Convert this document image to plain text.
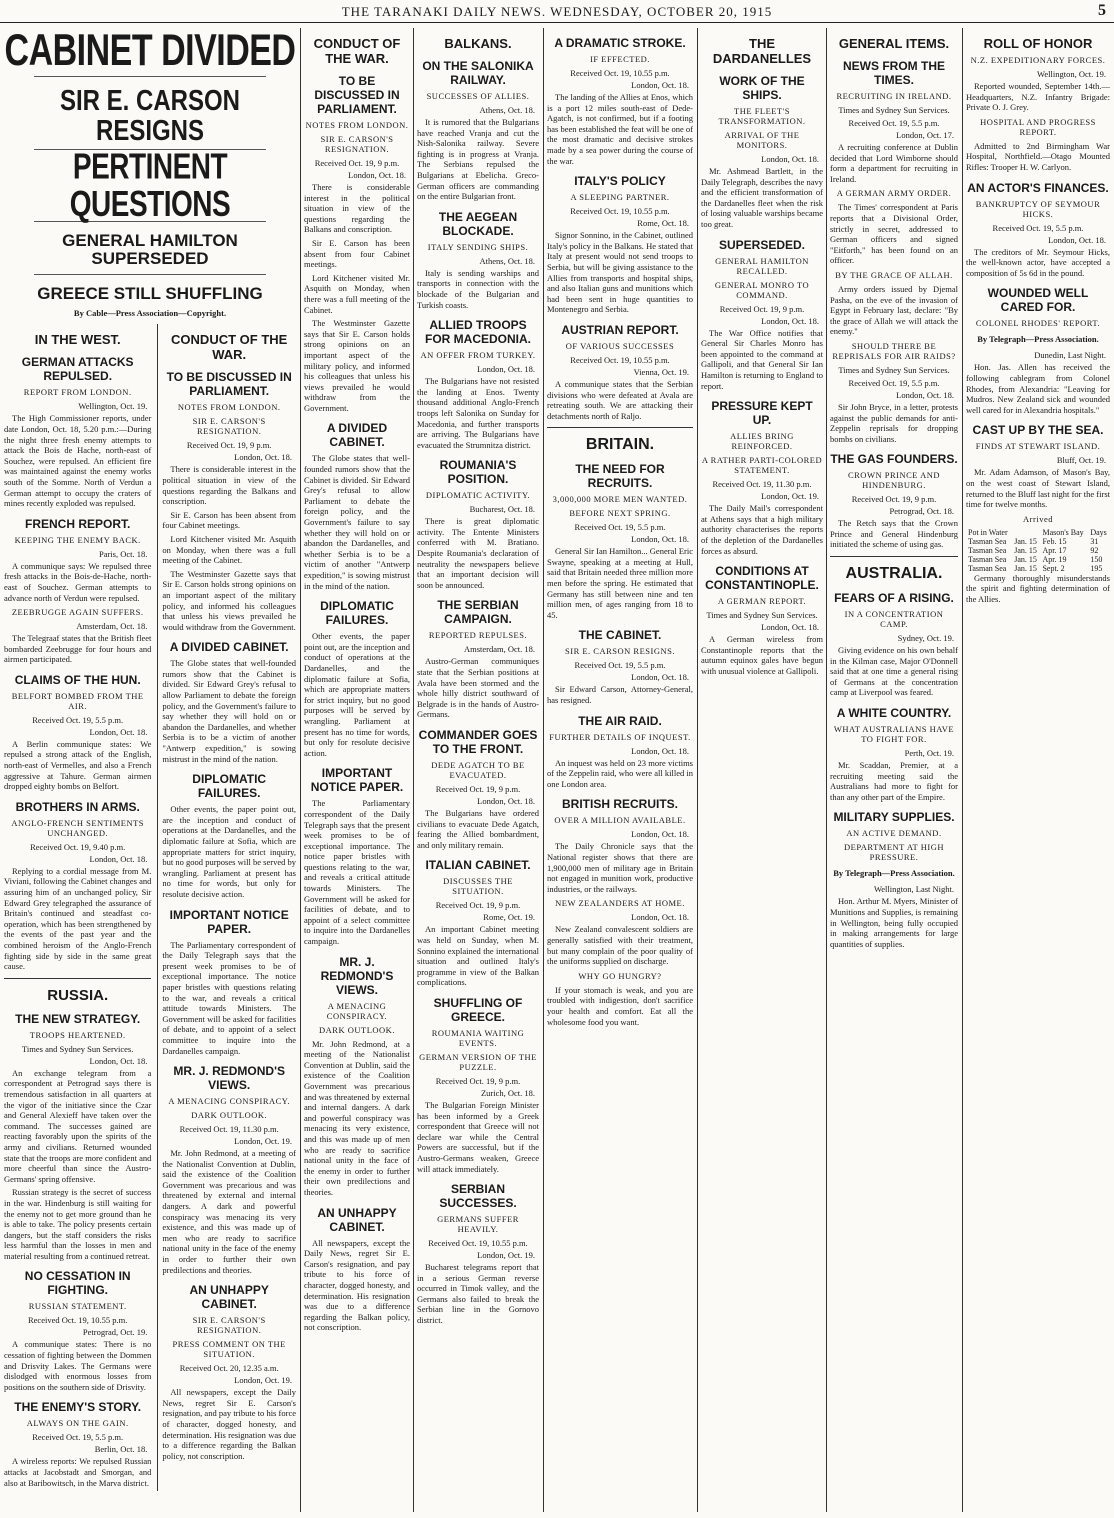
THE TARANAKI DAILY NEWS. WEDNESDAY, OCTOBER 20, 1915	5
CABINET DIVIDED
SIR E. CARSON RESIGNS
PERTINENT QUESTIONS
GENERAL HAMILTON SUPERSEDED
GREECE STILL SHUFFLING
By Cable—Press Association—Copyright.
IN THE WEST.
GERMAN ATTACKS REPULSED.
REPORT FROM LONDON.
Wellington, Oct. 19.

The High Commissioner reports, under date London, Oct. 18, 5.20 p.m.:—During the night three fresh enemy attempts to attack the Bois de Hache, north-east of Souchez, were repulsed. An efficient fire was maintained against the enemy works south of the Somme. North of Verdun a German attempt to occupy the craters of mines recently exploded was repulsed.

FRENCH REPORT.
KEEPING THE ENEMY BACK.
Paris, Oct. 18.

A communique says: We repulsed three fresh attacks in the Bois-de-Hache, north-east of Souchez. German attempts to advance north of Verdun were repulsed.

ZEEBRUGGE AGAIN SUFFERS.
Amsterdam, Oct. 18.

The Telegraaf states that the British fleet bombarded Zeebrugge for four hours and airmen participated.

CLAIMS OF THE HUN.
BELFORT BOMBED FROM THE AIR.
Received Oct. 19, 5.5 p.m.
London, Oct. 18.

A Berlin communique states: We repulsed a strong attack of the English, north-east of Vermelles, and also a French aggressive at Tahure. German airmen dropped eighty bombs on Belfort.

BROTHERS IN ARMS.
ANGLO-FRENCH SENTIMENTS UNCHANGED.
Received Oct. 19, 9.40 p.m.
London, Oct. 18.

Replying to a cordial message from M. Viviani, following the Cabinet changes and assuring him of an unchanged policy, Sir Edward Grey telegraphed the assurance of Britain's continued and steadfast co-operation, which has been strengthened by the events of the past year and the combined heroism of the Anglo-French fighting side by side in the same great cause.

RUSSIA.
THE NEW STRATEGY.
TROOPS HEARTENED.
Times and Sydney Sun Services.
London, Oct. 18.

An exchange telegram from a correspondent at Petrograd says there is tremendous satisfaction in all quarters at the vigor of the initiative since the Czar and General Alexieff have taken over the command. The successes gained are reacting favorably upon the spirits of the army and civilians. Returned wounded state that the troops are more confident and more cheerful than since the Austro-Germans' spring offensive.

Russian strategy is the secret of success in the war. Hindenburg is still waiting for the enemy not to get more ground than he is able to take. The policy presents certain dangers, but the staff considers the risks less harmful than the losses in men and material resulting from a continued retreat.

NO CESSATION IN FIGHTING.
RUSSIAN STATEMENT.
Received Oct. 19, 10.55 p.m.
Petrograd, Oct. 19.

A communique states: There is no cessation of fighting between the Dommen and Drisvity Lakes. The Germans were dislodged with enormous losses from positions on the southern side of Drisvity.

THE ENEMY'S STORY.
ALWAYS ON THE GAIN.
Received Oct. 19, 5.5 p.m.
Berlin, Oct. 18.

A wireless reports: We repulsed Russian attacks at Jacobstadt and Smorgan, and also at Baribowitsch, in the Marva district.

CONDUCT OF THE WAR.
TO BE DISCUSSED IN PARLIAMENT.
NOTES FROM LONDON.
SIR E. CARSON'S RESIGNATION.
Received Oct. 19, 9 p.m.
London, Oct. 18.

There is considerable interest in the political situation in view of the questions regarding the Balkans and conscription.

Sir E. Carson has been absent from four Cabinet meetings.

Lord Kitchener visited Mr. Asquith on Monday, when there was a full meeting of the Cabinet.

The Westminster Gazette says that Sir E. Carson holds strong opinions on an important aspect of the military policy, and informed his colleagues that unless his views prevailed he would withdraw from the Government.

A DIVIDED CABINET.

The Globe states that well-founded rumors show that the Cabinet is divided. Sir Edward Grey's refusal to allow Parliament to debate the foreign policy, and the Government's failure to say whether they will hold on or abandon the Dardanelles, and whether Serbia is to be a victim of another "Antwerp expedition," is sowing mistrust in the mind of the nation.

DIPLOMATIC FAILURES.

Other events, the paper point out, are the inception and conduct of operations at the Dardanelles, and the diplomatic failure at Sofia, which are appropriate matters for strict inquiry, but no good purposes will be served by wrangling. Parliament at present has no time for words, but only for resolute decisive action.

IMPORTANT NOTICE PAPER.

The Parliamentary correspondent of the Daily Telegraph says that the present week promises to be of exceptional importance. The notice paper bristles with questions relating to the war, and reveals a critical attitude towards Ministers. The Government will be asked for facilities of debate, and to appoint of a select committee to inquire into the Dardanelles campaign.

MR. J. REDMOND'S VIEWS.
A MENACING CONSPIRACY.
DARK OUTLOOK.
Received Oct. 19, 11.30 p.m.
London, Oct. 19.

Mr. John Redmond, at a meeting of the Nationalist Convention at Dublin, said the existence of the Coalition Government was precarious and was threatened by external and internal dangers. A dark and powerful conspiracy was menacing its very existence, and this was made up of men who are ready to sacrifice national unity in the face of the enemy in order to further their own predilections and theories.

AN UNHAPPY CABINET.
SIR E. CARSON'S RESIGNATION.
PRESS COMMENT ON THE SITUATION.
Received Oct. 20, 12.35 a.m.
London, Oct. 19.

All newspapers, except the Daily News, regret Sir E. Carson's resignation, and pay tribute to his force of character, dogged honesty, and determination. His resignation was due to a difference regarding the Balkan policy, not conscription.

CONDUCT OF THE WAR.
TO BE DISCUSSED IN PARLIAMENT.
NOTES FROM LONDON.
SIR E. CARSON'S RESIGNATION.
Received Oct. 19, 9 p.m.
London, Oct. 18.

There is considerable interest in the political situation in view of the questions regarding the Balkans and conscription.

Sir E. Carson has been absent from four Cabinet meetings.

Lord Kitchener visited Mr. Asquith on Monday, when there was a full meeting of the Cabinet.

The Westminster Gazette says that Sir E. Carson holds strong opinions on an important aspect of the military policy, and informed his colleagues that unless his views prevailed he would withdraw from the Government.

A DIVIDED CABINET.

The Globe states that well-founded rumors show that the Cabinet is divided. Sir Edward Grey's refusal to allow Parliament to debate the foreign policy, and the Government's failure to say whether they will hold on or abandon the Dardanelles, and whether Serbia is to be a victim of another "Antwerp expedition," is sowing mistrust in the mind of the nation.

DIPLOMATIC FAILURES.

Other events, the paper point out, are the inception and conduct of operations at the Dardanelles, and the diplomatic failure at Sofia, which are appropriate matters for strict inquiry, but no good purposes will be served by wrangling. Parliament at present has no time for words, but only for resolute decisive action.

IMPORTANT NOTICE PAPER.

The Parliamentary correspondent of the Daily Telegraph says that the present week promises to be of exceptional importance. The notice paper bristles with questions relating to the war, and reveals a critical attitude towards Ministers. The Government will be asked for facilities of debate, and to appoint of a select committee to inquire into the Dardanelles campaign.

MR. J. REDMOND'S VIEWS.
A MENACING CONSPIRACY.
DARK OUTLOOK.

Mr. John Redmond, at a meeting of the Nationalist Convention at Dublin, said the existence of the Coalition Government was precarious and was threatened by external and internal dangers. A dark and powerful conspiracy was menacing its very existence, and this was made up of men who are ready to sacrifice national unity in the face of the enemy in order to further their own predilections and theories.

AN UNHAPPY CABINET.

All newspapers, except the Daily News, regret Sir E. Carson's resignation, and pay tribute to his force of character, dogged honesty, and determination. His resignation was due to a difference regarding the Balkan policy, not conscription.

BALKANS.
ON THE SALONIKA RAILWAY.
SUCCESSES OF ALLIES.
Athens, Oct. 18.

It is rumored that the Bulgarians have reached Vranja and cut the Nish-Salonika railway. Severe fighting is in progress at Vranja. The Serbians repulsed the Bulgarians at Ebelicha. Greco-German officers are commanding on the entire Bulgarian front.

THE AEGEAN BLOCKADE.
ITALY SENDING SHIPS.
Athens, Oct. 18.

Italy is sending warships and transports in connection with the blockade of the Bulgarian and Turkish coasts.

ALLIED TROOPS FOR MACEDONIA.
AN OFFER FROM TURKEY.
London, Oct. 18.

The Bulgarians have not resisted the landing at Enos. Twenty thousand additional Anglo-French troops left Salonika on Sunday for Macedonia, and further transports are arriving. The Bulgarians have evacuated the Strumnitza district.

ROUMANIA'S POSITION.
DIPLOMATIC ACTIVITY.
Bucharest, Oct. 18.

There is great diplomatic activity. The Entente Ministers conferred with M. Bratiano. Despite Roumania's declaration of neutrality the newspapers believe that an important decision will soon be announced.

THE SERBIAN CAMPAIGN.
REPORTED REPULSES.
Amsterdam, Oct. 18.

Austro-German communiques state that the Serbian positions at Avala have been stormed and the whole hilly district southward of Belgrade is in the hands of Austro-Germans.

COMMANDER GOES TO THE FRONT.
DEDE AGATCH TO BE EVACUATED.
Received Oct. 19, 9 p.m.
London, Oct. 18.

The Bulgarians have ordered civilians to evacuate Dede Agatch, fearing the Allied bombardment, and only military remain.

ITALIAN CABINET.
DISCUSSES THE SITUATION.
Received Oct. 19, 9 p.m.
Rome, Oct. 19.

An important Cabinet meeting was held on Sunday, when M. Sonnino explained the international situation and outlined Italy's programme in view of the Balkan complications.

SHUFFLING OF GREECE.
ROUMANIA WAITING EVENTS.
GERMAN VERSION OF THE PUZZLE.
Received Oct. 19, 9 p.m.
Zurich, Oct. 18.

The Bulgarian Foreign Minister has been informed by a Greek correspondent that Greece will not declare war while the Central Powers are successful, but if the Austro-Germans weaken, Greece will attack immediately.

SERBIAN SUCCESSES.
GERMANS SUFFER HEAVILY.
Received Oct. 19, 10.55 p.m.
London, Oct. 19.

Bucharest telegrams report that in a serious German reverse occurred in Timok valley, and the Germans also failed to break the Serbian line in the Gornovo district.

A DRAMATIC STROKE.
IF EFFECTED.
Received Oct. 19, 10.55 p.m.
London, Oct. 18.

The landing of the Allies at Enos, which is a port 12 miles south-east of Dede-Agatch, is not confirmed, but if a footing has been established the feat will be one of the most dramatic and decisive strokes made by a sea power during the course of the war.

ITALY'S POLICY
A SLEEPING PARTNER.
Received Oct. 19, 10.55 p.m.
Rome, Oct. 18.

Signor Sonnino, in the Cabinet, outlined Italy's policy in the Balkans. He stated that Italy at present would not send troops to Serbia, but will be giving assistance to the Allies from transports and hospital ships, and also Italian guns and munitions which had been sent in huge quantities to Montenegro and Serbia.

AUSTRIAN REPORT.
OF VARIOUS SUCCESSES
Received Oct. 19, 10.55 p.m.
Vienna, Oct. 19.

A communique states that the Serbian divisions who were defeated at Avala are retreating south. We are attacking their detachments north of Raljo.

BRITAIN.
THE NEED FOR RECRUITS.
3,000,000 MORE MEN WANTED.
BEFORE NEXT SPRING.
Received Oct. 19, 5.5 p.m.
London, Oct. 18.

General Sir Ian Hamilton... General Eric Swayne, speaking at a meeting at Hull, said that Britain needed three million more men before the spring. He estimated that Germany has still between nine and ten million men, of ages ranging from 18 to 45.

THE CABINET.
SIR E. CARSON RESIGNS.
Received Oct. 19, 5.5 p.m.
London, Oct. 18.

Sir Edward Carson, Attorney-General, has resigned.

THE AIR RAID.
FURTHER DETAILS OF INQUEST.
London, Oct. 18.

An inquest was held on 23 more victims of the Zeppelin raid, who were all killed in one London area.

BRITISH RECRUITS.
OVER A MILLION AVAILABLE.
London, Oct. 18.

The Daily Chronicle says that the National register shows that there are 1,900,000 men of military age in Britain not engaged in munition work, productive industries, or the railways.

NEW ZEALANDERS AT HOME.
London, Oct. 18.

New Zealand convalescent soldiers are generally satisfied with their treatment, but many complain of the poor quality of the uniforms supplied on discharge.

WHY GO HUNGRY?

If your stomach is weak, and you are troubled with indigestion, don't sacrifice your health and comfort. Eat all the wholesome food you want.

THE DARDANELLES
WORK OF THE SHIPS.
THE FLEET'S TRANSFORMATION.
ARRIVAL OF THE MONITORS.
London, Oct. 18.

Mr. Ashmead Bartlett, in the Daily Telegraph, describes the navy and the efficient transformation of the Dardanelles fleet when the risk of losing valuable warships became too great.

SUPERSEDED.
GENERAL HAMILTON RECALLED.
GENERAL MONRO TO COMMAND.
Received Oct. 19, 9 p.m.
London, Oct. 18.

The War Office notifies that General Sir Charles Monro has been appointed to the command at Gallipoli, and that General Sir Ian Hamilton is returning to England to report.

PRESSURE KEPT UP.
ALLIES BRING REINFORCED.
A RATHER PARTI-COLORED STATEMENT.
Received Oct. 19, 11.30 p.m.
London, Oct. 19.

The Daily Mail's correspondent at Athens says that a high military authority characterises the reports of the depletion of the Dardanelles forces as absurd.

CONDITIONS AT CONSTANTINOPLE.
A GERMAN REPORT.
Times and Sydney Sun Services.
London, Oct. 18.

A German wireless from Constantinople reports that the autumn equinox gales have begun with unusual violence at Gallipoli.

GENERAL ITEMS.
NEWS FROM THE TIMES.
RECRUITING IN IRELAND.
Times and Sydney Sun Services.
Received Oct. 19, 5.5 p.m.
London, Oct. 17.

A recruiting conference at Dublin decided that Lord Wimborne should form a department for recruiting in Ireland.

A GERMAN ARMY ORDER.

The Times' correspondent at Paris reports that a Divisional Order, strictly in secret, addressed to German officers and signed "Eitforth," has been found on an officer.

BY THE GRACE OF ALLAH.

Army orders issued by Djemal Pasha, on the eve of the invasion of Egypt in February last, declare: "By the grace of Allah we will attack the enemy."

SHOULD THERE BE REPRISALS FOR AIR RAIDS?
Times and Sydney Sun Services.
Received Oct. 19, 5.5 p.m.
London, Oct. 18.

Sir John Bryce, in a letter, protests against the public demands for anti-Zeppelin reprisals for dropping bombs on civilians.

THE GAS FOUNDERS.
CROWN PRINCE AND HINDENBURG.
Received Oct. 19, 9 p.m.
Petrograd, Oct. 18.

The Retch says that the Crown Prince and General Hindenburg initiated the scheme of using gas.

AUSTRALIA.
FEARS OF A RISING.
IN A CONCENTRATION CAMP.
Sydney, Oct. 19.

Giving evidence on his own behalf in the Kilman case, Major O'Donnell said that at one time a general rising of Germans at the concentration camp at Liverpool was feared.

A WHITE COUNTRY.
WHAT AUSTRALIANS HAVE TO FIGHT FOR.
Perth, Oct. 19.

Mr. Scaddan, Premier, at a recruiting meeting said the Australians had more to fight for than any other part of the Empire.

MILITARY SUPPLIES.
AN ACTIVE DEMAND.
DEPARTMENT AT HIGH PRESSURE.
By Telegraph—Press Association.
Wellington, Last Night.

Hon. Arthur M. Myers, Minister of Munitions and Supplies, is remaining in Wellington, being fully occupied in making arrangements for large quantities of supplies.

ROLL OF HONOR
N.Z. EXPEDITIONARY FORCES.
Wellington, Oct. 19.

Reported wounded, September 14th.—Headquarters, N.Z. Infantry Brigade: Private O. J. Grey.

HOSPITAL AND PROGRESS REPORT.

Admitted to 2nd Birmingham War Hospital, Northfield.—Otago Mounted Rifles: Trooper H. W. Carlyon.

AN ACTOR'S FINANCES.
BANKRUPTCY OF SEYMOUR HICKS.
Received Oct. 19, 5.5 p.m.
London, Oct. 18.

The creditors of Mr. Seymour Hicks, the well-known actor, have accepted a composition of 5s 6d in the pound.

WOUNDED WELL CARED FOR.
COLONEL RHODES' REPORT.
By Telegraph—Press Association.
Dunedin, Last Night.

Hon. Jas. Allen has received the following cablegram from Colonel Rhodes, from Alexandria: "Leaving for Mudros. New Zealand sick and wounded well cared for in Alexandria hospitals."

CAST UP BY THE SEA.
FINDS AT STEWART ISLAND.
Bluff, Oct. 19.

Mr. Adam Adamson, of Mason's Bay, on the west coast of Stewart Island, returned to the Bluff last night for the first time for twelve months.

Arrived
Pot in Water		Mason's Bay	Days
Tasman Sea	Jan. 15	Feb. 15	31
Tasman Sea	Jan. 15	Apr. 17	92
Tasman Sea	Jan. 15	Apr. 19	150
Tasman Sea	Jan. 15	Sept. 2	195

Germany thoroughly misunderstands the spirit and fighting determination of the Allies.
